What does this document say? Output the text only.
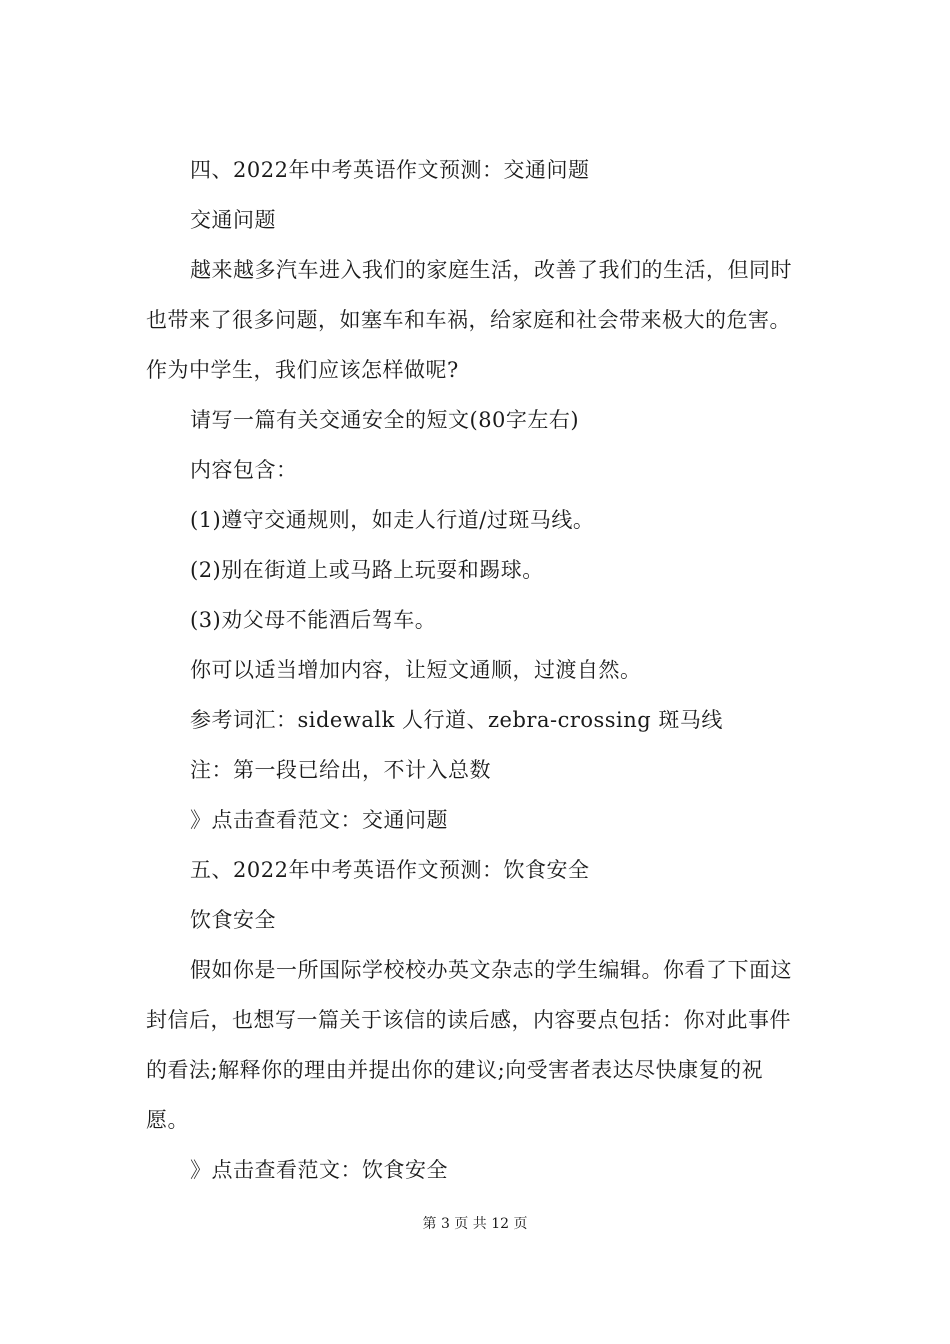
四、2022年中考英语作文预测：交通问题
交通问题
越来越多汽车进入我们的家庭生活，改善了我们的生活，但同时
也带来了很多问题，如塞车和车祸，给家庭和社会带来极大的危害。
作为中学生，我们应该怎样做呢?
请写一篇有关交通安全的短文(80字左右)
内容包含：
(1)遵守交通规则，如走人行道/过斑马线。
(2)别在街道上或马路上玩耍和踢球。
(3)劝父母不能酒后驾车。
你可以适当增加内容，让短文通顺，过渡自然。
参考词汇：sidewalk 人行道、zebra-crossing 斑马线
注：第一段已给出，不计入总数
》点击查看范文：交通问题
五、2022年中考英语作文预测：饮食安全
饮食安全
假如你是一所国际学校校办英文杂志的学生编辑。你看了下面这
封信后，也想写一篇关于该信的读后感，内容要点包括：你对此事件
的看法;解释你的理由并提出你的建议;向受害者表达尽快康复的祝
愿。
》点击查看范文：饮食安全
第 3 页 共 12 页
